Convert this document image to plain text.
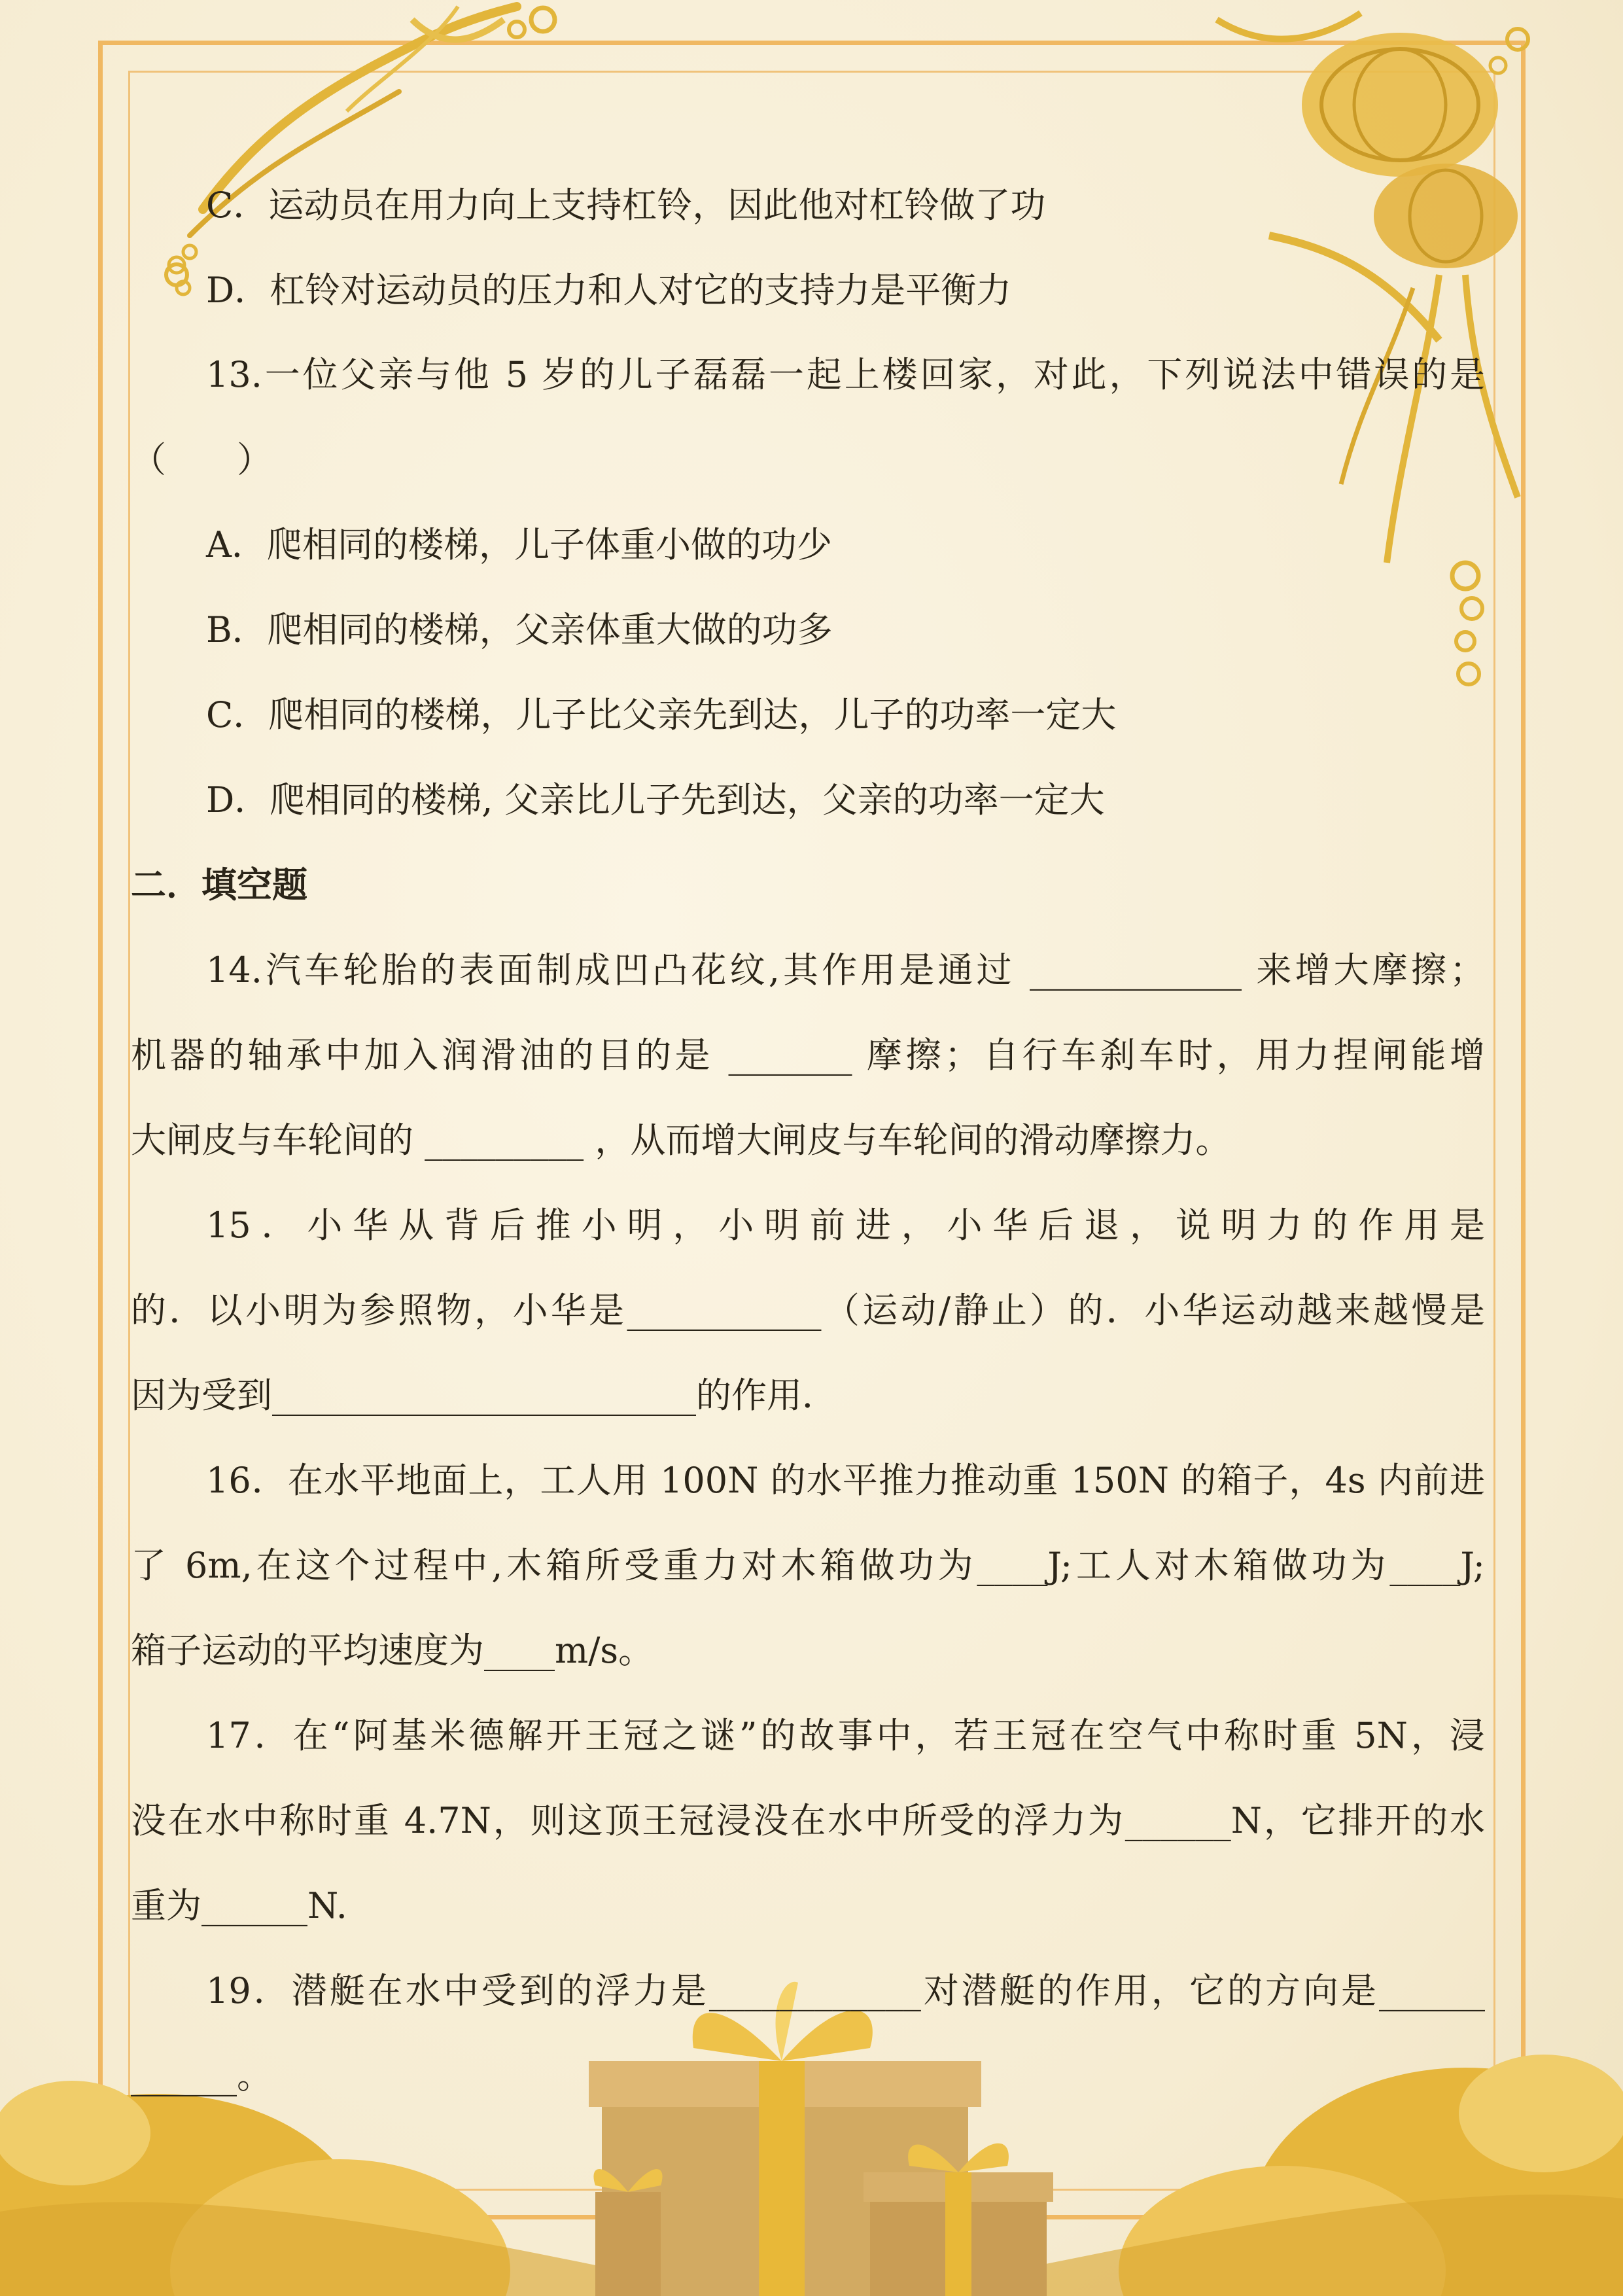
C．运动员在用力向上支持杠铃，因此他对杠铃做了功
D．杠铃对运动员的压力和人对它的支持力是平衡力
13.一位父亲与他 5 岁的儿子磊磊一起上楼回家，对此，下列说法中错误的是
（　　）
A．爬相同的楼梯，儿子体重小做的功少
B．爬相同的楼梯，父亲体重大做的功多
C．爬相同的楼梯，儿子比父亲先到达，儿子的功率一定大
D．爬相同的楼梯, 父亲比儿子先到达，父亲的功率一定大
二．填空题
14.汽车轮胎的表面制成凹凸花纹,其作用是通过 ____________ 来增大摩擦；
机器的轴承中加入润滑油的目的是 _______ 摩擦；自行车刹车时，用力捏闸能增
大闸皮与车轮间的 _________ ，从而增大闸皮与车轮间的滑动摩擦力。
15．小华从背后推小明，小明前进，小华后退，说明力的作用是
的．以小明为参照物，小华是___________（运动/静止）的．小华运动越来越慢是
因为受到________________________的作用．
16．在水平地面上，工人用 100N 的水平推力推动重 150N 的箱子，4s 内前进
了 6m,在这个过程中,木箱所受重力对木箱做功为____J;工人对木箱做功为____J;
箱子运动的平均速度为____m/s。
17．在“阿基米德解开王冠之谜”的故事中，若王冠在空气中称时重 5N，浸
没在水中称时重 4.7N，则这顶王冠浸没在水中所受的浮力为______N，它排开的水
重为______N.
19．潜艇在水中受到的浮力是____________对潜艇的作用，它的方向是______
______。
